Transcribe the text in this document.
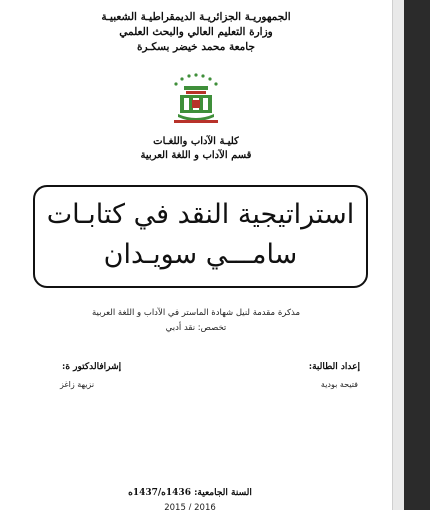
الجمهوريـة الجزائريـة الديمقراطيـة الشعبيـة
وزارة التعليم العالي والبحث العلمي
جامعة محمد خيضر بسكـرة
كليـة الآداب واللغـات
قسم الآداب و اللغة العربية
استراتيجية النقد في كتابـات
سامـــي سويـدان
مذكرة مقدمة لنيل شهادة الماستر في الآداب و اللغة العربية
تخصص: نقد أدبي
إعداد الطالبة:
فتيحة بودية
إشرافالدكتور ة:
نزيهة زاغز
السنة الجامعية: 1436ه/1437ه
2016 / 2015
